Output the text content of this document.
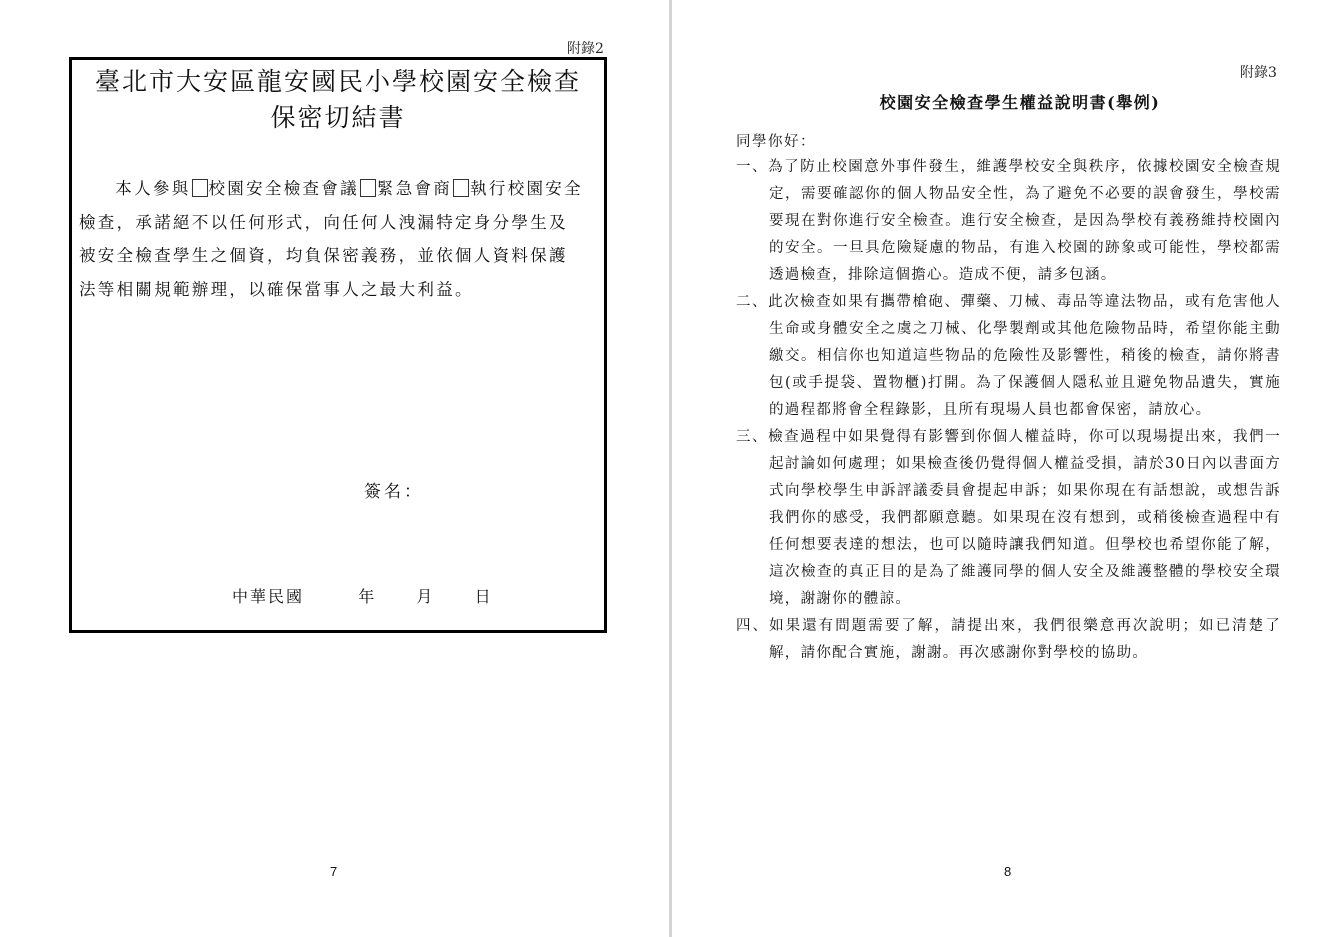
附錄2
臺北市大安區龍安國民小學校園安全檢查
保密切結書
本人參與 校園安全檢查會議 緊急會商 執行校園安全檢查，承諾絕不以任何形式，向任何人洩漏特定身分學生及被安全檢查學生之個資，均負保密義務，並依個人資料保護法等相關規範辦理，以確保當事人之最大利益。
簽名：
中華民國	年	月	日
7
附錄3
校園安全檢查學生權益說明書(舉例)
同學你好：
一、為了防止校園意外事件發生，維護學校安全與秩序，依據校園安全檢查規定，需要確認你的個人物品安全性，為了避免不必要的誤會發生，學校需要現在對你進行安全檢查。進行安全檢查，是因為學校有義務維持校園內的安全。一旦具危險疑慮的物品，有進入校園的跡象或可能性，學校都需透過檢查，排除這個擔心。造成不便，請多包涵。
二、此次檢查如果有攜帶槍砲、彈藥、刀械、毒品等違法物品，或有危害他人生命或身體安全之虞之刀械、化學製劑或其他危險物品時，希望你能主動繳交。相信你也知道這些物品的危險性及影響性，稍後的檢查，請你將書包(或手提袋、置物櫃)打開。為了保護個人隱私並且避免物品遺失，實施的過程都將會全程錄影，且所有現場人員也都會保密，請放心。
三、檢查過程中如果覺得有影響到你個人權益時，你可以現場提出來，我們一起討論如何處理；如果檢查後仍覺得個人權益受損，請於30日內以書面方式向學校學生申訴評議委員會提起申訴；如果你現在有話想說，或想告訴我們你的感受，我們都願意聽。如果現在沒有想到，或稍後檢查過程中有任何想要表達的想法，也可以隨時讓我們知道。但學校也希望你能了解，這次檢查的真正目的是為了維護同學的個人安全及維護整體的學校安全環境，謝謝你的體諒。
四、如果還有問題需要了解，請提出來，我們很樂意再次說明；如已清楚了解，請你配合實施，謝謝。再次感謝你對學校的協助。
8
